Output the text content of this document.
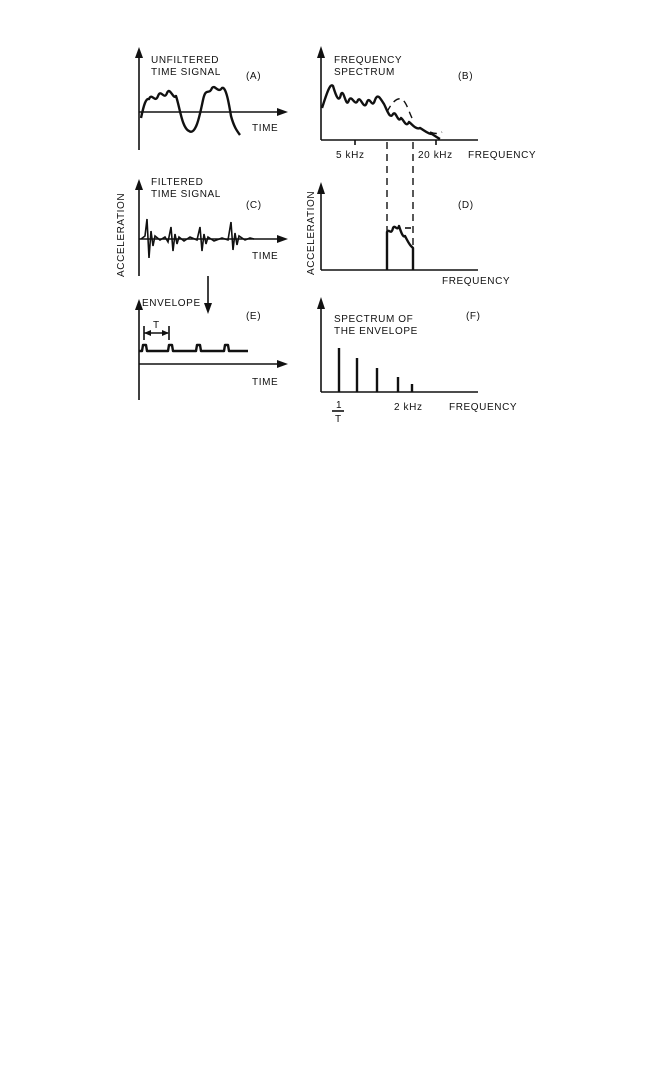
UNFILTERED
TIME SIGNAL	(A)
TIME
FREQUENCY
SPECTRUM	(B)
5 kHz	20 kHz FREQUENCY
ACCELERATION
FILTERED
TIME SIGNAL
(C)
TIME	ACCELERATION	(D)
FREQUENCY
T
ENVELOPE
(E)
TIME
SPECTRUM OF
THE ENVELOPE
(F)
1
T
2 kHz	FREQUENCY
